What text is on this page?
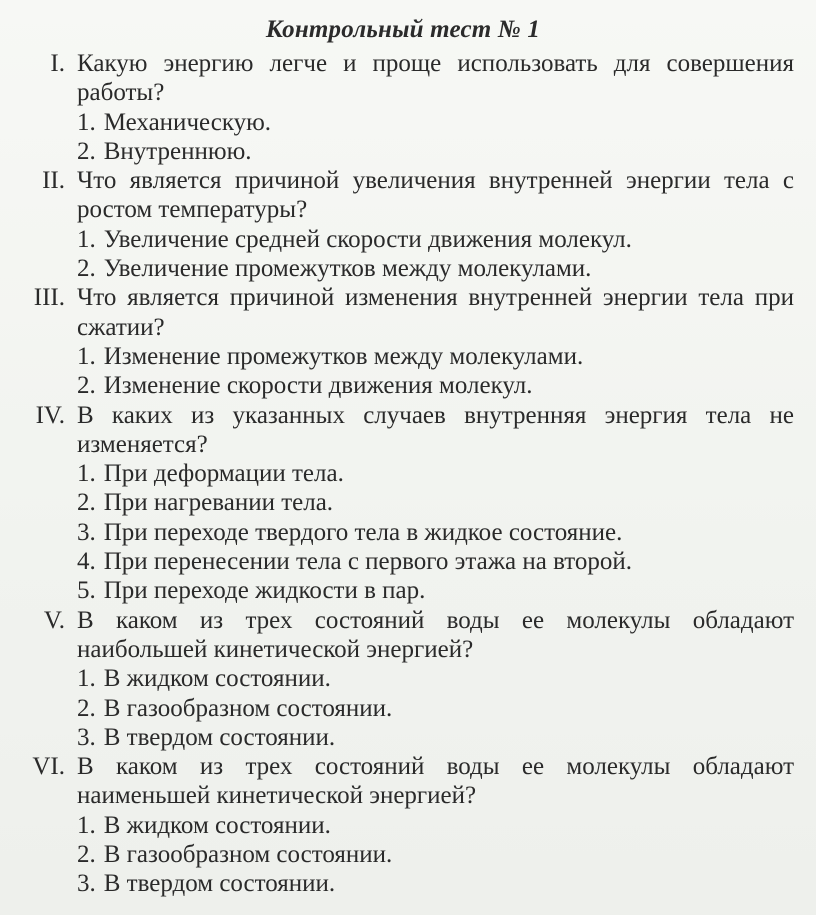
Контрольный тест № 1
I. Какую энергию легче и проще использовать для совершения работы?
1. Механическую.
2. Внутреннюю.
II. Что является причиной увеличения внутренней энергии тела с ростом температуры?
1. Увеличение средней скорости движения молекул.
2. Увеличение промежутков между молекулами.
III. Что является причиной изменения внутренней энергии тела при сжатии?
1. Изменение промежутков между молекулами.
2. Изменение скорости движения молекул.
IV. В каких из указанных случаев внутренняя энергия тела не изменяется?
1. При деформации тела.
2. При нагревании тела.
3. При переходе твердого тела в жидкое состояние.
4. При перенесении тела с первого этажа на второй.
5. При переходе жидкости в пар.
V. В каком из трех состояний воды ее молекулы обладают наибольшей кинетической энергией?
1. В жидком состоянии.
2. В газообразном состоянии.
3. В твердом состоянии.
VI. В каком из трех состояний воды ее молекулы обладают наименьшей кинетической энергией?
1. В жидком состоянии.
2. В газообразном состоянии.
3. В твердом состоянии.
